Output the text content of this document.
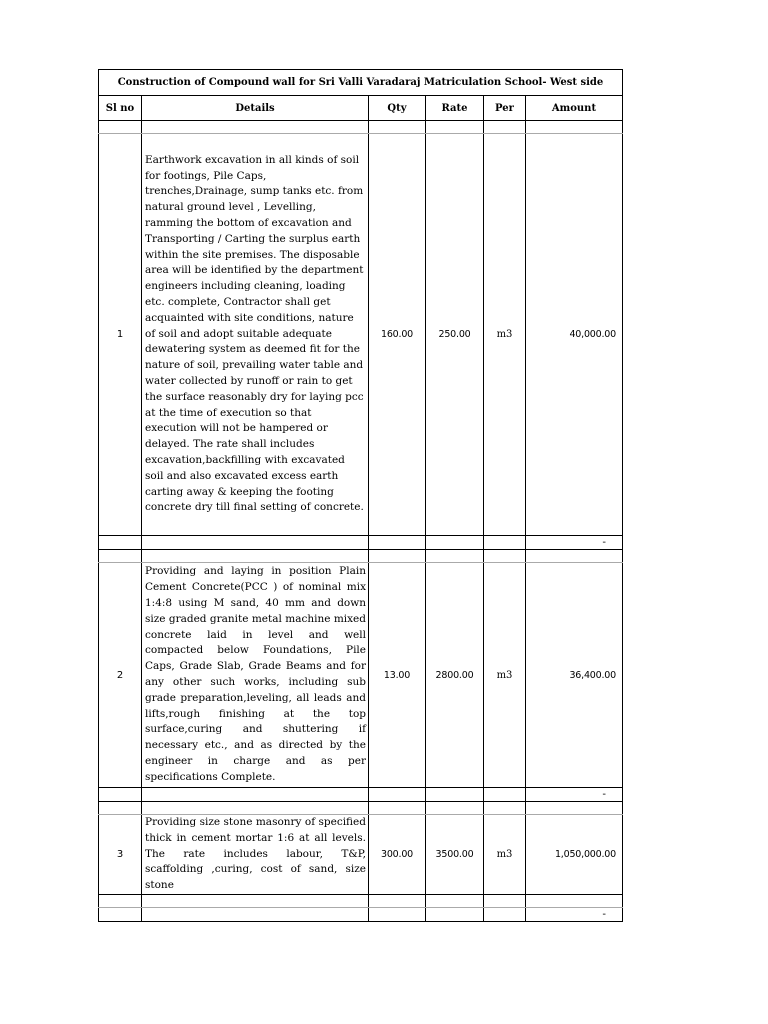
Construction of Compound wall for Sri Valli Varadaraj Matriculation School- West side					
Sl no	Details	Qty	Rate	Per	Amount

1	Earthwork excavation in all kinds of soil for footings, Pile Caps, trenches,Drainage, sump tanks etc. from natural ground level , Levelling, ramming the bottom of excavation and Transporting / Carting the surplus earth within the site premises. The disposable area will be identified by the department engineers including cleaning, loading etc. complete, Contractor shall get acquainted with site conditions, nature of soil and adopt suitable adequate dewatering system as deemed fit for the nature of soil, prevailing water table and water collected by runoff or rain to get the surface reasonably dry for laying pcc at the time of execution so that execution will not be hampered or delayed. The rate shall includes excavation,backfilling with excavated soil and also excavated excess earth carting away & keeping the footing concrete dry till final setting of concrete.	160.00	250.00	m3	40,000.00
					-

2	Providing and laying in position Plain Cement Concrete(PCC ) of nominal mix 1:4:8 using M sand, 40 mm and down size graded granite metal machine mixed concrete laid in level and well compacted below Foundations, Pile Caps, Grade Slab, Grade Beams and for any other such works, including sub grade preparation,leveling, all leads and lifts,rough finishing at the top surface,curing and shuttering if necessary etc., and as directed by the engineer in charge and as per specifications Complete.	13.00	2800.00	m3	36,400.00
					-

3	Providing size stone masonry of specified thick in cement mortar 1:6 at all levels. The rate includes labour, T&P, scaffolding ,curing, cost of sand, size stone	300.00	3500.00	m3	1,050,000.00

					-
